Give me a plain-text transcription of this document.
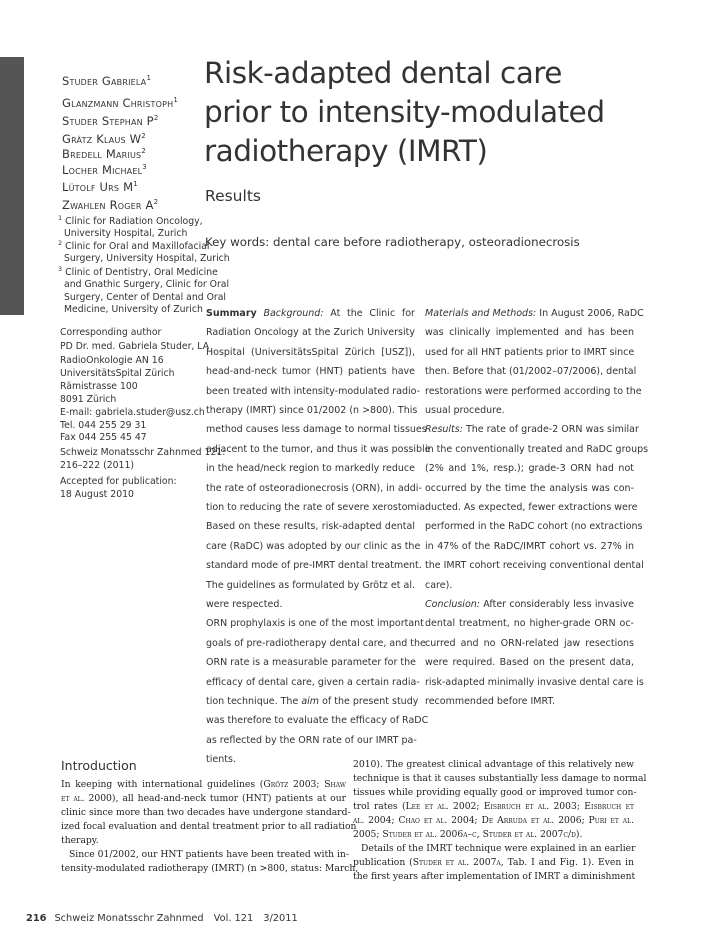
Studer Gabriela$^1$
Glanzmann Christoph$^1$
Studer Stephan $P^2$
Grätz Klaus $W^2$
Bredell Marius$^2$
Locher Michael$^3$
Lütolf Urs $M^1$
Zwahlen Roger $A^2$
$^1$ Clinic for Radiation Oncology,
University Hospital, Zurich
$^2$ Clinic for Oral and Maxillofacial
Surgery, University Hospital, Zurich
$^3$ Clinic of Dentistry, Oral Medicine
and Gnathic Surgery, Clinic for Oral
Surgery, Center of Dental and Oral
Medicine, University of Zurich
Risk-adapted dental care
prior to intensity-modulated
radiotherapy (IMRT)
Results
Key words: dental care before radiotherapy, osteoradionecrosis
Corresponding author
PD Dr. med. Gabriela Studer, LA
RadioOnkologie AN 16
UniversitätsSpital Zürich
Rämistrasse 100
8091 Zürich
E-mail: gabriela.studer@usz.ch
Tel. 044 255 29 31
Fax 044 255 45 47
Schweiz Monatsschr Zahnmed 121:
216–222 (2011)
Accepted for publication:
18 August 2010
Summary Background: At the Clinic for
Radiation Oncology at the Zurich University
Hospital (UniversitätsSpital Zürich [USZ]),
head-and-neck tumor (HNT) patients have
been treated with intensity-modulated radio-
therapy (IMRT) since 01/2002 (n >800). This
method causes less damage to normal tissues
adjacent to the tumor, and thus it was possible
in the head/neck region to markedly reduce
the rate of osteoradionecrosis (ORN), in addi-
tion to reducing the rate of severe xerostomia.
Based on these results, risk-adapted dental
care (RaDC) was adopted by our clinic as the
standard mode of pre-IMRT dental treatment.
The guidelines as formulated by Grötz et al.
were respected.
ORN prophylaxis is one of the most important
goals of pre-radiotherapy dental care, and the
ORN rate is a measurable parameter for the
efficacy of dental care, given a certain radia-
tion technique. The aim of the present study
was therefore to evaluate the efficacy of RaDC
as reflected by the ORN rate of our IMRT pa-
tients.
Materials and Methods: In August 2006, RaDC
was clinically implemented and has been
used for all HNT patients prior to IMRT since
then. Before that (01/2002–07/2006), dental
restorations were performed according to the
usual procedure.
Results: The rate of grade-2 ORN was similar
in the conventionally treated and RaDC groups
(2% and 1%, resp.); grade-3 ORN had not
occurred by the time the analysis was con-
ducted. As expected, fewer extractions were
performed in the RaDC cohort (no extractions
in 47% of the RaDC/IMRT cohort vs. 27% in
the IMRT cohort receiving conventional dental
care).
Conclusion: After considerably less invasive
dental treatment, no higher-grade ORN oc-
curred and no ORN-related jaw resections
were required. Based on the present data,
risk-adapted minimally invasive dental care is
recommended before IMRT.
Introduction
In keeping with international guidelines (Grötz 2003; Shaw
et al. 2000), all head-and-neck tumor (HNT) patients at our
clinic since more than two decades have undergone standard-
ized focal evaluation and dental treatment prior to all radiation
therapy.
Since 01/2002, our HNT patients have been treated with in-
tensity-modulated radiotherapy (IMRT) (n >800, status: March,
2010). The greatest clinical advantage of this relatively new
technique is that it causes substantially less damage to normal
tissues while providing equally good or improved tumor con-
trol rates (Lee et al. 2002; Eisbruch et al. 2003; Eisbruch et
al. 2004; Chao et al. 2004; De Arruda et al. 2006; Puri et al.
2005; Studer et al. 2006a–c, Studer et al. 2007c/d).
Details of the IMRT technique were explained in an earlier
publication (Studer et al. 2007a, Tab. I and Fig. 1). Even in
the first years after implementation of IMRT a diminishment
216 Schweiz Monatsschr Zahnmed Vol. 121 3/2011
